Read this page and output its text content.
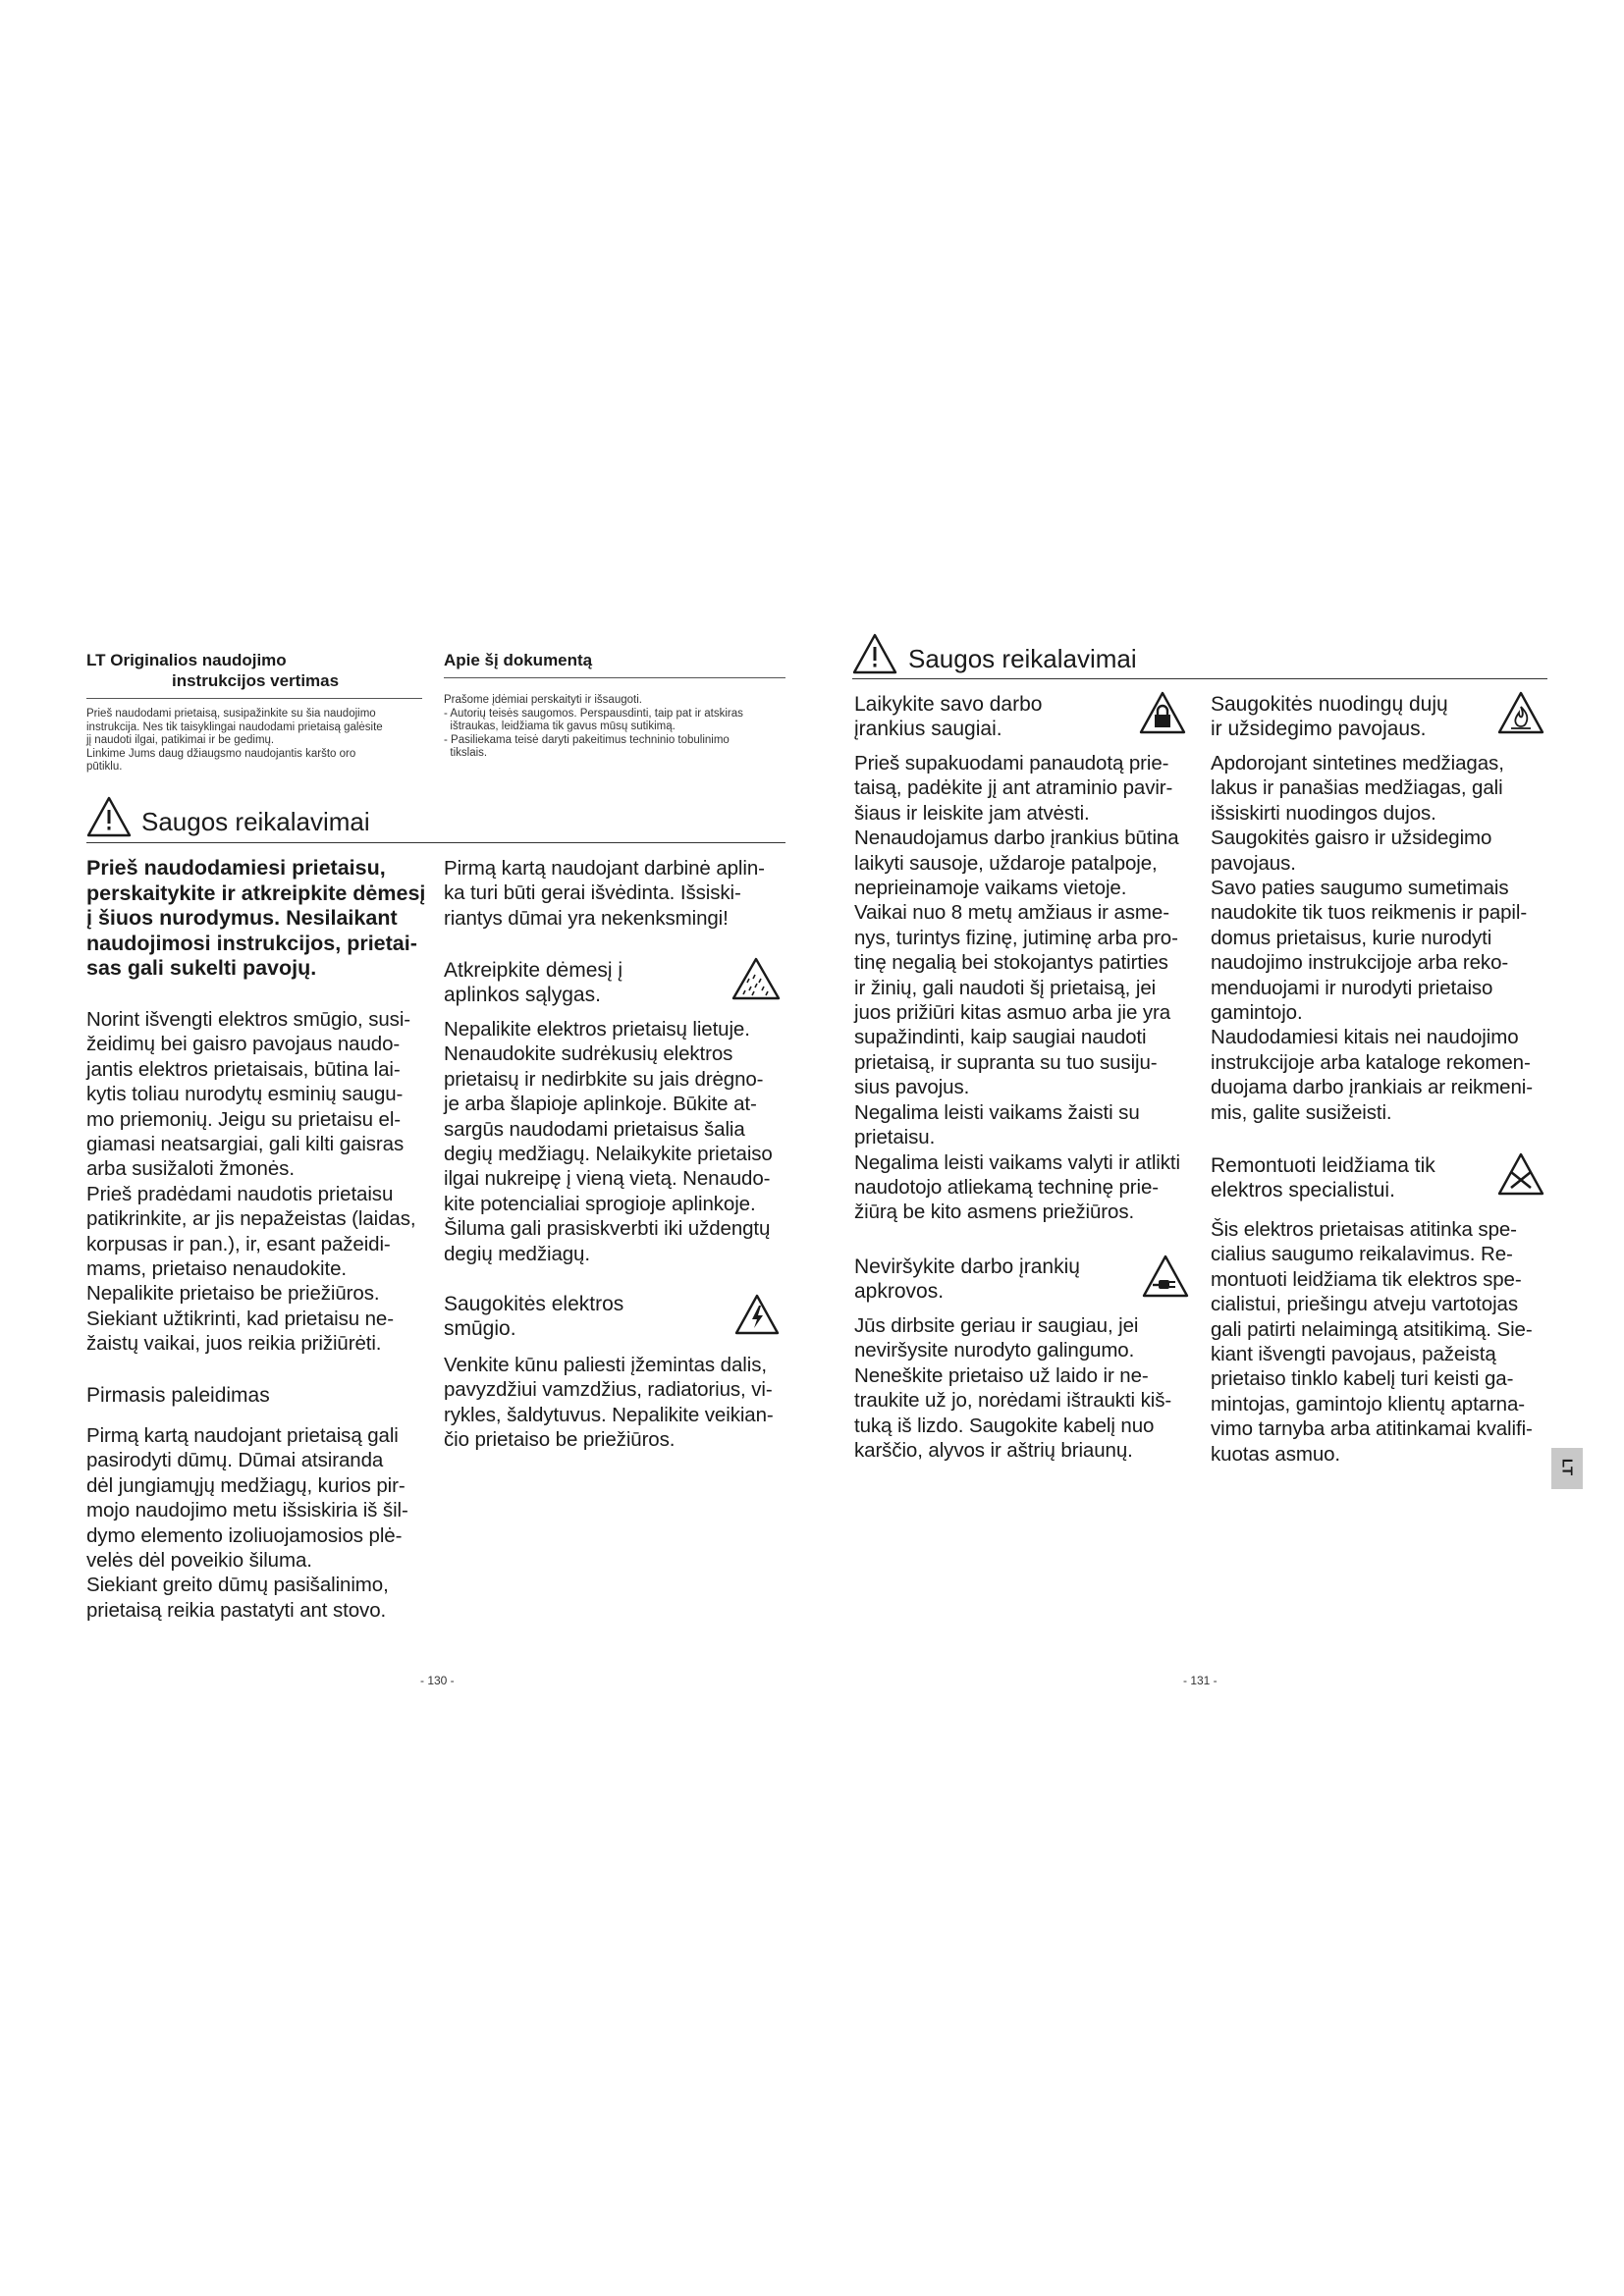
LT Originalios naudojimo
instrukcijos vertimas
Prieš naudodami prietaisą, susipažinkite su šia naudojimo
instrukcija. Nes tik taisyklingai naudodami prietaisą galėsite
jį naudoti ilgai, patikimai ir be gedimų.
Linkime Jums daug džiaugsmo naudojantis karšto oro
pūtiklu.
Apie šį dokumentą
Prašome įdėmiai perskaityti ir išsaugoti.
- Autorių teisės saugomos. Perspausdinti, taip pat ir atskiras
ištraukas, leidžiama tik gavus mūsų sutikimą.
- Pasiliekama teisė daryti pakeitimus techninio tobulinimo
tikslais.
Saugos reikalavimai
Prieš naudodamiesi prietaisu,
perskaitykite ir atkreipkite dėmesį
į šiuos nurodymus. Nesilaikant
naudojimosi instrukcijos, prietai-
sas gali sukelti pavojų.
Norint išvengti elektros smūgio, susi-
žeidimų bei gaisro pavojaus naudo-
jantis elektros prietaisais, būtina lai-
kytis toliau nurodytų esminių saugu-
mo priemonių. Jeigu su prietaisu el-
giamasi neatsargiai, gali kilti gaisras
arba susižaloti žmonės.
Prieš pradėdami naudotis prietaisu
patikrinkite, ar jis nepažeistas (laidas,
korpusas ir pan.), ir, esant pažeidi-
mams, prietaiso nenaudokite.
Nepalikite prietaiso be priežiūros.
Siekiant užtikrinti, kad prietaisu ne-
žaistų vaikai, juos reikia prižiūrėti.
Pirmasis paleidimas
Pirmą kartą naudojant prietaisą gali
pasirodyti dūmų. Dūmai atsiranda
dėl jungiamųjų medžiagų, kurios pir-
mojo naudojimo metu išsiskiria iš šil-
dymo elemento izoliuojamosios plė-
velės dėl poveikio šiluma.
Siekiant greito dūmų pasišalinimo,
prietaisą reikia pastatyti ant stovo.
Pirmą kartą naudojant darbinė aplin-
ka turi būti gerai išvėdinta. Išsiski-
riantys dūmai yra nekenksmingi!
Atkreipkite dėmesį į
aplinkos sąlygas.
Nepalikite elektros prietaisų lietuje.
Nenaudokite sudrėkusių elektros
prietaisų ir nedirbkite su jais drėgno-
je arba šlapioje aplinkoje. Būkite at-
sargūs naudodami prietaisus šalia
degių medžiagų. Nelaikykite prietaiso
ilgai nukreipę į vieną vietą. Nenaudo-
kite potencialiai sprogioje aplinkoje.
Šiluma gali prasiskverbti iki uždengtų
degių medžiagų.
Saugokitės elektros
smūgio.
Venkite kūnu paliesti įžemintas dalis,
pavyzdžiui vamzdžius, radiatorius, vi-
rykles, šaldytuvus. Nepalikite veikian-
čio prietaiso be priežiūros.
- 130 -
Saugos reikalavimai
Laikykite savo darbo
įrankius saugiai.
Prieš supakuodami panaudotą prie-
taisą, padėkite jį ant atraminio pavir-
šiaus ir leiskite jam atvėsti.
Nenaudojamus darbo įrankius būtina
laikyti sausoje, uždaroje patalpoje,
neprieinamoje vaikams vietoje.
Vaikai nuo 8 metų amžiaus ir asme-
nys, turintys fizinę, jutiminę arba pro-
tinę negalią bei stokojantys patirties
ir žinių, gali naudoti šį prietaisą, jei
juos prižiūri kitas asmuo arba jie yra
supažindinti, kaip saugiai naudoti
prietaisą, ir supranta su tuo susiju-
sius pavojus.
Negalima leisti vaikams žaisti su
prietaisu.
Negalima leisti vaikams valyti ir atlikti
naudotojo atliekamą techninę prie-
žiūrą be kito asmens priežiūros.
Neviršykite darbo įrankių
apkrovos.
Jūs dirbsite geriau ir saugiau, jei
neviršysite nurodyto galingumo.
Neneškite prietaiso už laido ir ne-
traukite už jo, norėdami ištraukti kiš-
tuką iš lizdo. Saugokite kabelį nuo
karščio, alyvos ir aštrių briaunų.
Saugokitės nuodingų dujų
ir užsidegimo pavojaus.
Apdorojant sintetines medžiagas,
lakus ir panašias medžiagas, gali
išsiskirti nuodingos dujos.
Saugokitės gaisro ir užsidegimo
pavojaus.
Savo paties saugumo sumetimais
naudokite tik tuos reikmenis ir papil-
domus prietaisus, kurie nurodyti
naudojimo instrukcijoje arba reko-
menduojami ir nurodyti prietaiso
gamintojo.
Naudodamiesi kitais nei naudojimo
instrukcijoje arba kataloge rekomen-
duojama darbo įrankiais ar reikmeni-
mis, galite susižeisti.
Remontuoti leidžiama tik
elektros specialistui.
Šis elektros prietaisas atitinka spe-
cialius saugumo reikalavimus. Re-
montuoti leidžiama tik elektros spe-
cialistui, priešingu atveju vartotojas
gali patirti nelaimingą atsitikimą. Sie-
kiant išvengti pavojaus, pažeistą
prietaiso tinklo kabelį turi keisti ga-
mintojas, gamintojo klientų aptarna-
vimo tarnyba arba atitinkamai kvalifi-
kuotas asmuo.
LT
- 131 -
